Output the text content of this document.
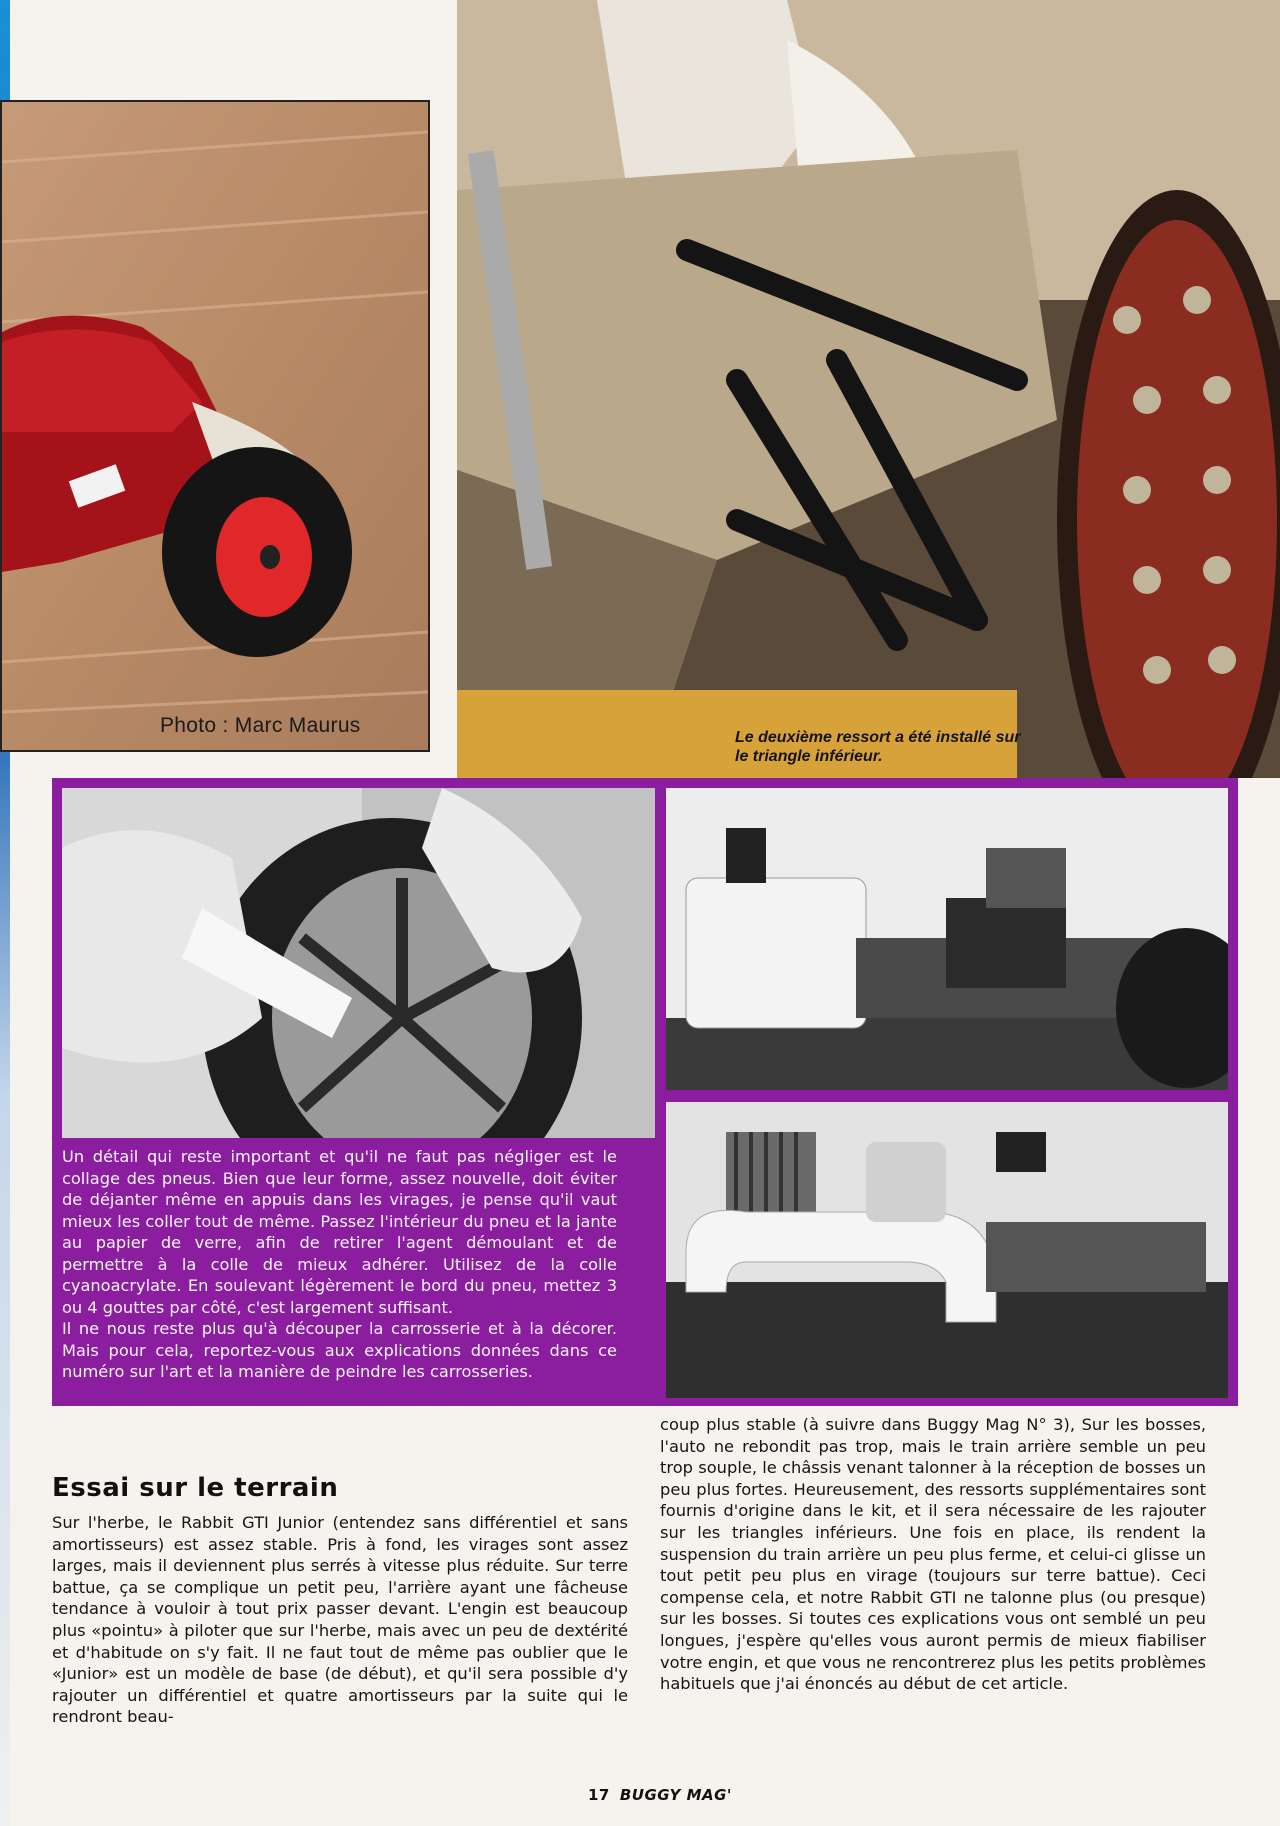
Photo : Marc Maurus
Le deuxième ressort a été installé sur le triangle inférieur.

Un détail qui reste important et qu'il ne faut pas négliger est le collage des pneus. Bien que leur forme, assez nouvelle, doit éviter de déjanter même en appuis dans les virages, je pense qu'il vaut mieux les coller tout de même. Passez l'intérieur du pneu et la jante au papier de verre, afin de retirer l'agent démoulant et de permettre à la colle de mieux adhérer. Utilisez de la colle cyanoacrylate. En soulevant légèrement le bord du pneu, mettez 3 ou 4 gouttes par côté, c'est largement suffisant.

Il ne nous reste plus qu'à découper la carrosserie et à la décorer. Mais pour cela, reportez-vous aux explications données dans ce numéro sur l'art et la manière de peindre les carrosseries.

Essai sur le terrain
Sur l'herbe, le Rabbit GTI Junior (entendez sans différentiel et sans amortisseurs) est assez stable. Pris à fond, les virages sont assez larges, mais il deviennent plus serrés à vitesse plus réduite. Sur terre battue, ça se complique un petit peu, l'arrière ayant une fâcheuse tendance à vouloir à tout prix passer devant. L'engin est beaucoup plus «pointu» à piloter que sur l'herbe, mais avec un peu de dextérité et d'habitude on s'y fait. Il ne faut tout de même pas oublier que le «Junior» est un modèle de base (de début), et qu'il sera possible d'y rajouter un différentiel et quatre amortisseurs par la suite qui le rendront beau-
coup plus stable (à suivre dans Buggy Mag N° 3), Sur les bosses, l'auto ne rebondit pas trop, mais le train arrière semble un peu trop souple, le châssis venant talonner à la réception de bosses un peu plus fortes. Heureusement, des ressorts supplémentaires sont fournis d'origine dans le kit, et il sera nécessaire de les rajouter sur les triangles inférieurs. Une fois en place, ils rendent la suspension du train arrière un peu plus ferme, et celui-ci glisse un tout petit peu plus en virage (toujours sur terre battue). Ceci compense cela, et notre Rabbit GTI ne talonne plus (ou presque) sur les bosses. Si toutes ces explications vous ont semblé un peu longues, j'espère qu'elles vous auront permis de mieux fiabiliser votre engin, et que vous ne rencontrerez plus les petits problèmes habituels que j'ai énoncés au début de cet article.
17 BUGGY MAG'
